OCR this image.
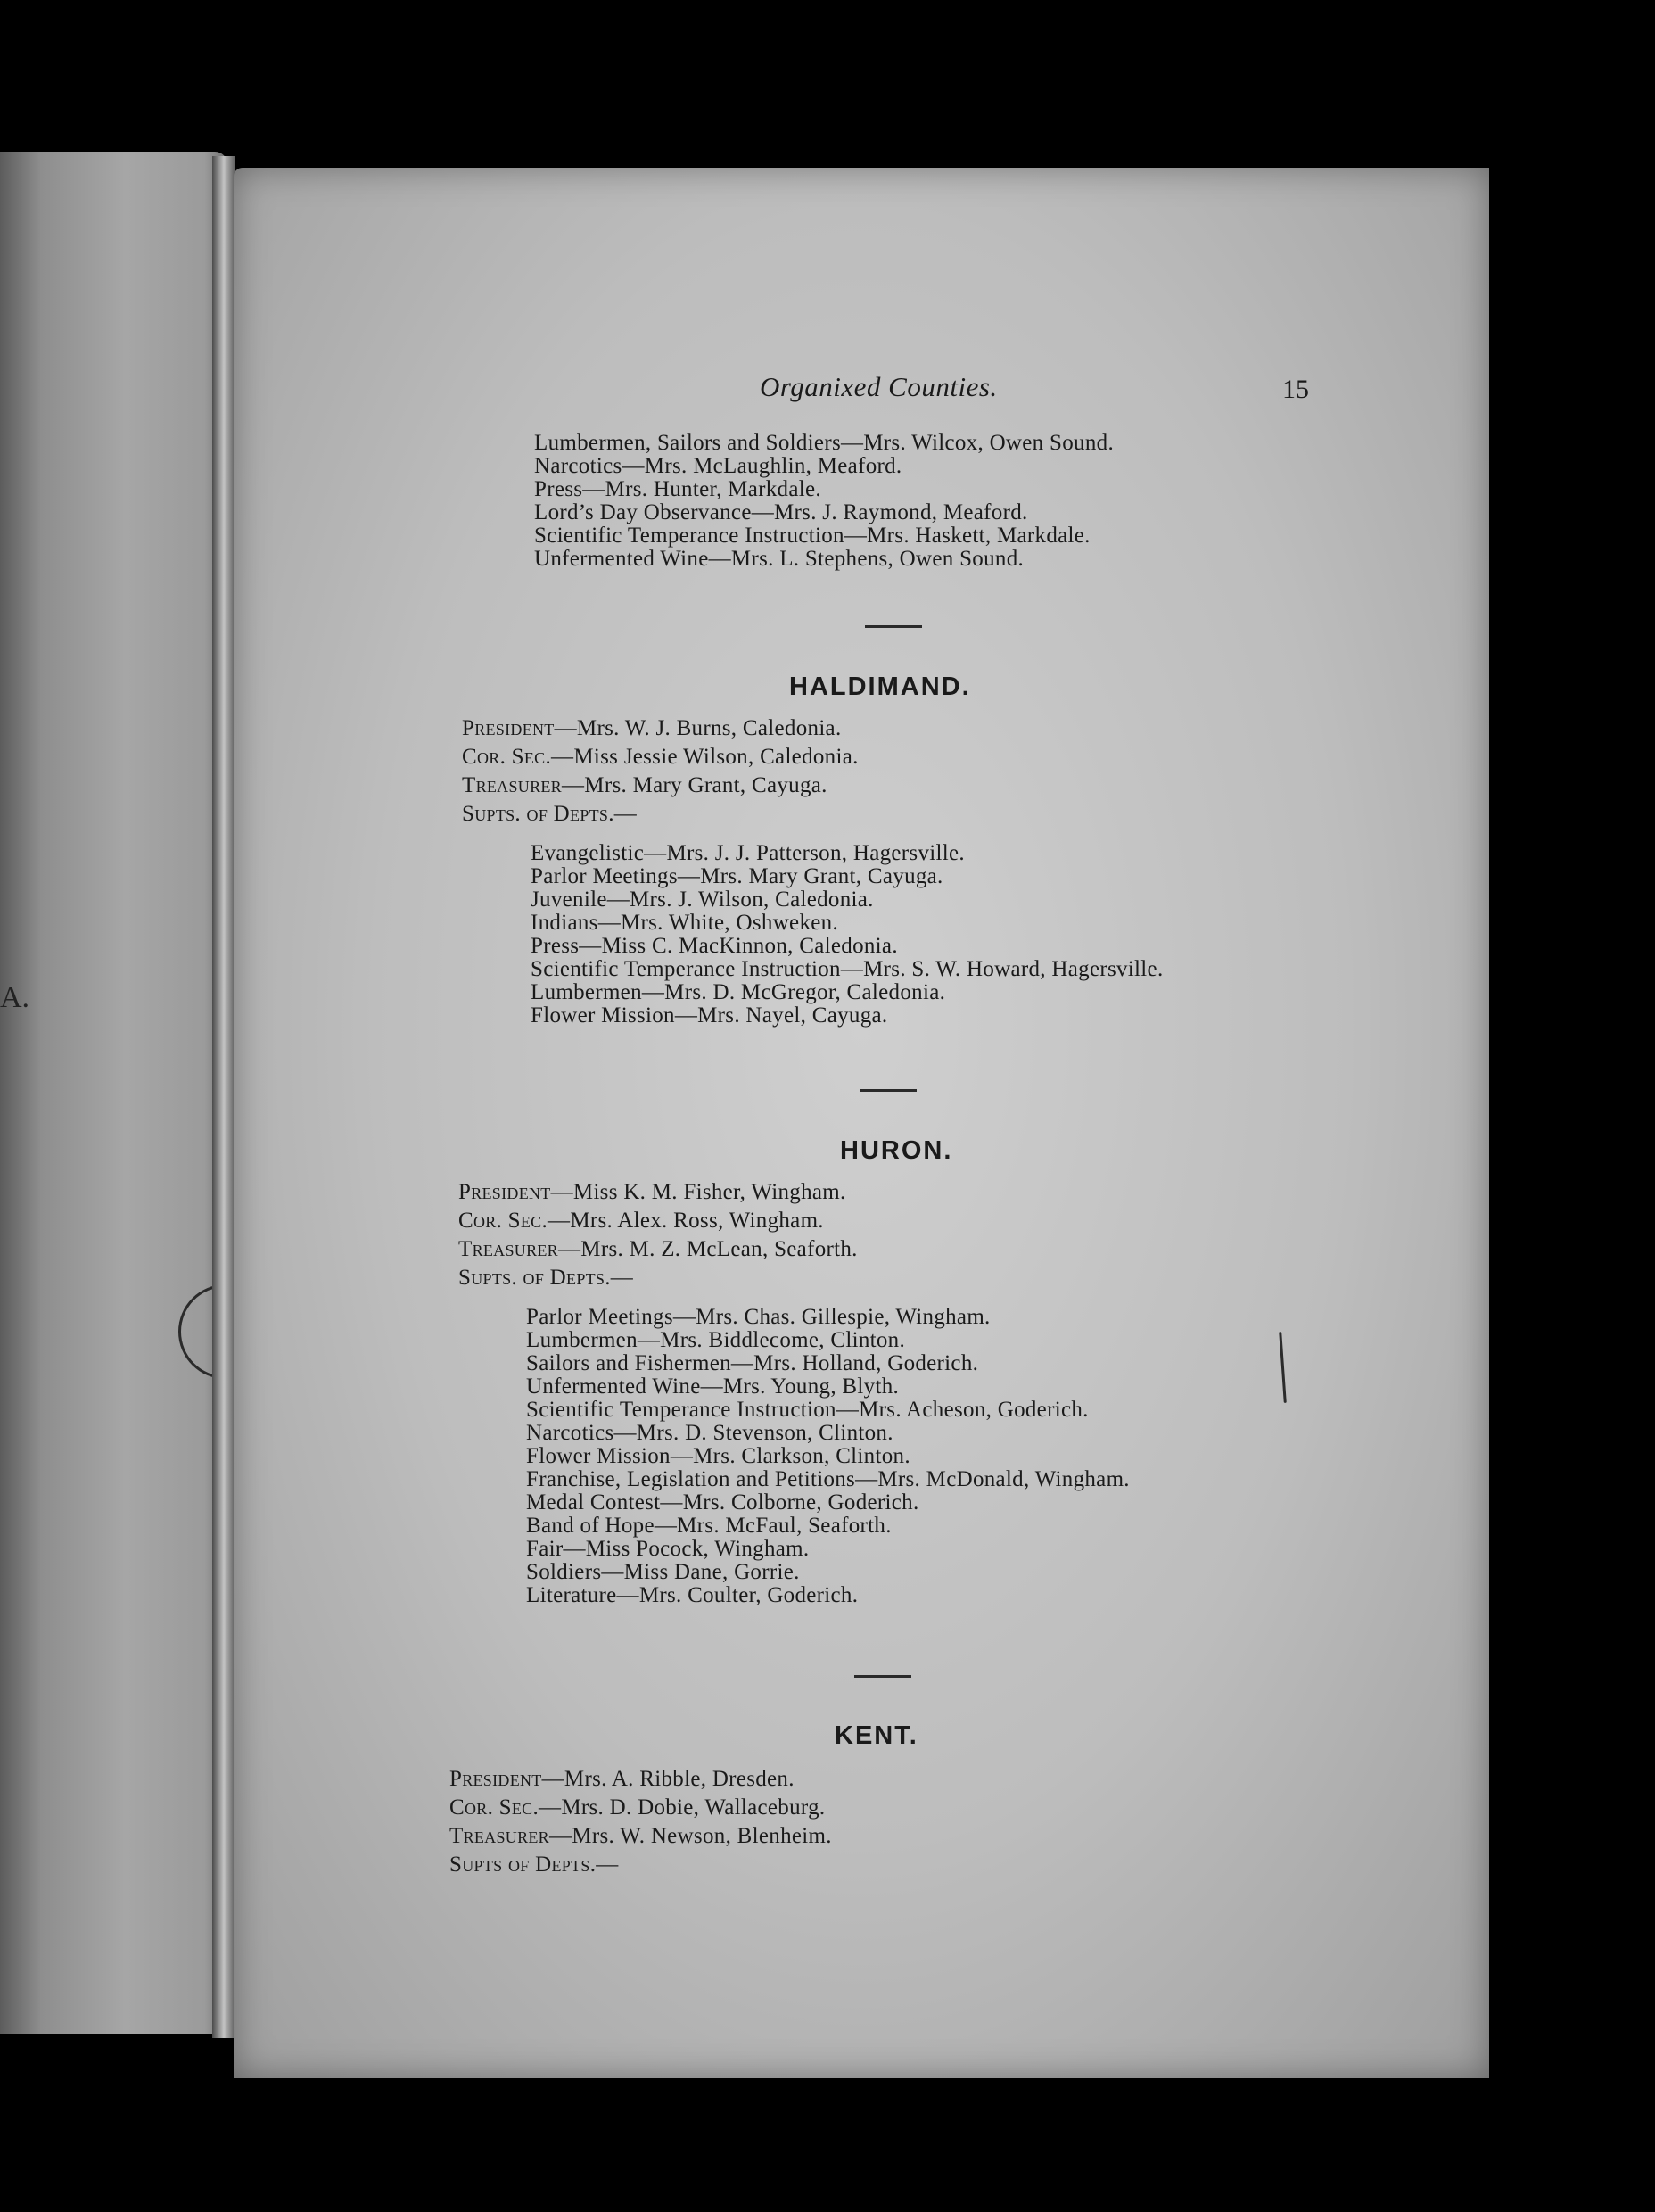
A.
Organixed Counties.	15
Lumbermen, Sailors and Soldiers—Mrs. Wilcox, Owen Sound.
Narcotics—Mrs. McLaughlin, Meaford.
Press—Mrs. Hunter, Markdale.
Lord’s Day Observance—Mrs. J. Raymond, Meaford.
Scientific Temperance Instruction—Mrs. Haskett, Markdale.
Unfermented Wine—Mrs. L. Stephens, Owen Sound.
HALDIMAND.
President—Mrs. W. J. Burns, Caledonia.
Cor. Sec.—Miss Jessie Wilson, Caledonia.
Treasurer—Mrs. Mary Grant, Cayuga.
Supts. of Depts.—
Evangelistic—Mrs. J. J. Patterson, Hagersville.
Parlor Meetings—Mrs. Mary Grant, Cayuga.
Juvenile—Mrs. J. Wilson, Caledonia.
Indians—Mrs. White, Oshweken.
Press—Miss C. MacKinnon, Caledonia.
Scientific Temperance Instruction—Mrs. S. W. Howard, Hagersville.
Lumbermen—Mrs. D. McGregor, Caledonia.
Flower Mission—Mrs. Nayel, Cayuga.
HURON.
President—Miss K. M. Fisher, Wingham.
Cor. Sec.—Mrs. Alex. Ross, Wingham.
Treasurer—Mrs. M. Z. McLean, Seaforth.
Supts. of Depts.—
Parlor Meetings—Mrs. Chas. Gillespie, Wingham.
Lumbermen—Mrs. Biddlecome, Clinton.
Sailors and Fishermen—Mrs. Holland, Goderich.
Unfermented Wine—Mrs. Young, Blyth.
Scientific Temperance Instruction—Mrs. Acheson, Goderich.
Narcotics—Mrs. D. Stevenson, Clinton.
Flower Mission—Mrs. Clarkson, Clinton.
Franchise, Legislation and Petitions—Mrs. McDonald, Wingham.
Medal Contest—Mrs. Colborne, Goderich.
Band of Hope—Mrs. McFaul, Seaforth.
Fair—Miss Pocock, Wingham.
Soldiers—Miss Dane, Gorrie.
Literature—Mrs. Coulter, Goderich.
KENT.
President—Mrs. A. Ribble, Dresden.
Cor. Sec.—Mrs. D. Dobie, Wallaceburg.
Treasurer—Mrs. W. Newson, Blenheim.
Supts of Depts.—
